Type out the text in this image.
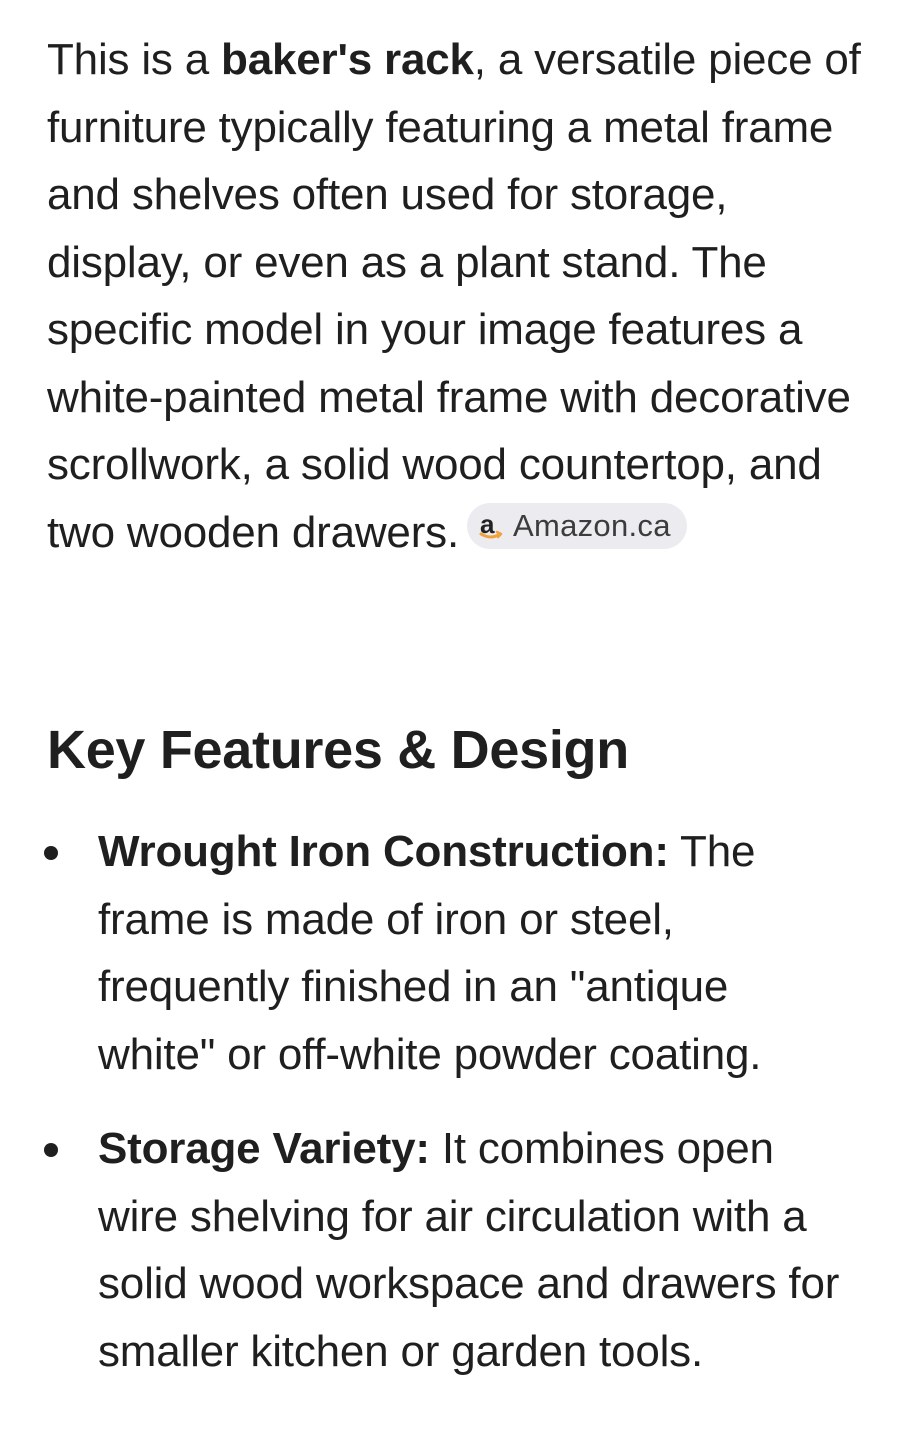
This is a baker's rack, a versatile piece of furniture typically featuring a metal frame and shelves often used for storage, display, or even as a plant stand. The specific model in your image features a white-painted metal frame with decorative scrollwork, a solid wood countertop, and two wooden drawers. a Amazon.ca

Key Features & Design
Wrought Iron Construction: The frame is made of iron or steel, frequently finished in an "antique white" or off-white powder coating.
Storage Variety: It combines open wire shelving for air circulation with a solid wood workspace and drawers for smaller kitchen or garden tools.
